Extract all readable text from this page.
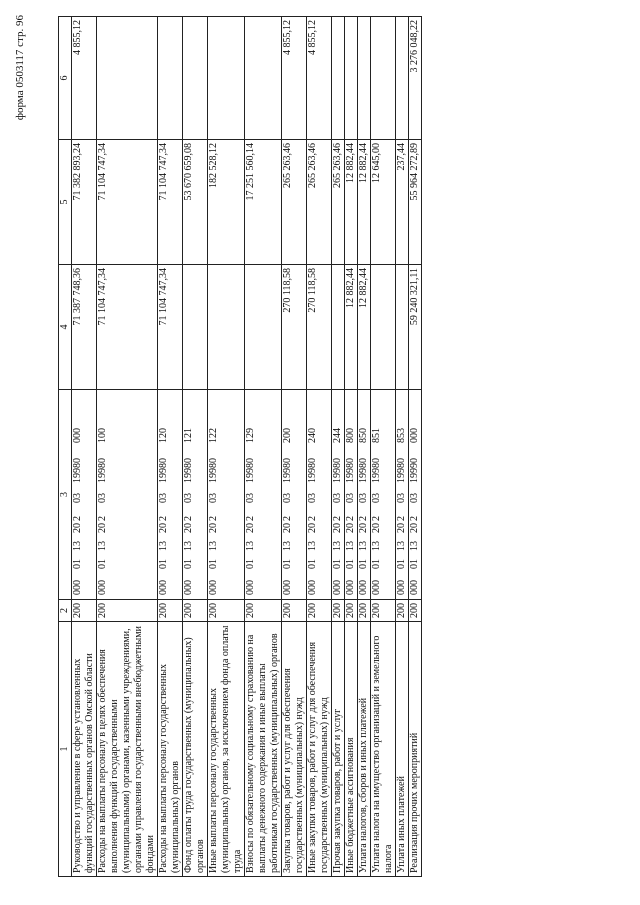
форма 0503117 стр. 96
1	2	3	4	5	6
Руководство и управление в сфере установленных функций государственных органов Омской области	200	00001132020319980000	71 387 748,36	71 382 893,24	4 855,12
Расходы на выплаты персоналу в целях обеспечения выполнения функций государственными (муниципальными) органами, казенными учреждениями, органами управления государственными внебюджетными фондами	200	00001132020319980100	71 104 747,34	71 104 747,34	
Расходы на выплаты персоналу государственных (муниципальных) органов	200	00001132020319980120	71 104 747,34	71 104 747,34	
Фонд оплаты труда государственных (муниципальных) органов	200	00001132020319980121		53 670 659,08	
Иные выплаты персоналу государственных (муниципальных) органов, за исключением фонда оплаты труда	200	00001132020319980122		182 528,12	
Взносы по обязательному социальному страхованию на выплаты денежного содержания и иные выплаты работникам государственных (муниципальных) органов	200	00001132020319980129		17 251 560,14	
Закупка товаров, работ и услуг для обеспечения государственных (муниципальных) нужд	200	00001132020319980200	270 118,58	265 263,46	4 855,12
Иные закупки товаров, работ и услуг для обеспечения государственных (муниципальных) нужд	200	00001132020319980240	270 118,58	265 263,46	4 855,12
Прочая закупка товаров, работ и услуг	200	00001132020319980244		265 263,46	
Иные бюджетные ассигнования	200	00001132020319980800	12 882,44	12 882,44	
Уплата налогов, сборов и иных платежей	200	00001132020319980850	12 882,44	12 882,44	
Уплата налога на имущество организаций и земельного налога	200	00001132020319980851		12 645,00	
Уплата иных платежей	200	00001132020319980853		237,44	
Реализация прочих мероприятий	200	00001132020319990000	59 240 321,11	55 964 272,89	3 276 048,22
